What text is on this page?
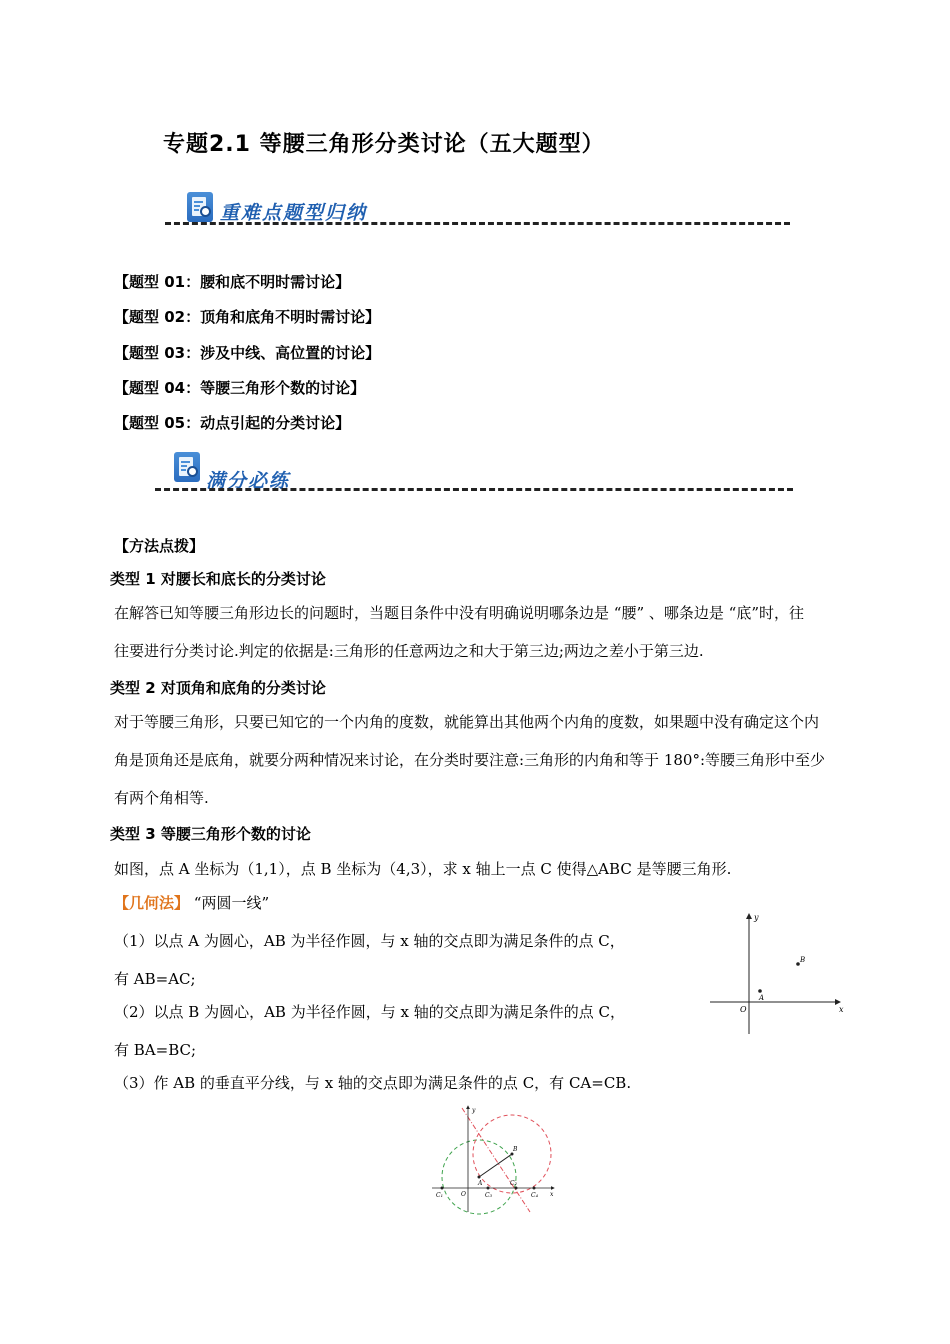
专题2.1 等腰三角形分类讨论（五大题型）
重难点题型归纳
【题型 01：腰和底不明时需讨论】
【题型 02：顶角和底角不明时需讨论】
【题型 03：涉及中线、高位置的讨论】
【题型 04：等腰三角形个数的讨论】
【题型 05：动点引起的分类讨论】
满分必练
【方法点拨】
类型 1 对腰长和底长的分类讨论
在解答已知等腰三角形边长的问题时，当题目条件中没有明确说明哪条边是 “腰” 、哪条边是 “底”时，往
往要进行分类讨论.判定的依据是:三角形的任意两边之和大于第三边;两边之差小于第三边.
类型 2 对顶角和底角的分类讨论
对于等腰三角形，只要已知它的一个内角的度数，就能算出其他两个内角的度数，如果题中没有确定这个内
角是顶角还是底角，就要分两种情况来讨论，在分类时要注意:三角形的内角和等于 180°:等腰三角形中至少
有两个角相等.
类型 3 等腰三角形个数的讨论
如图，点 A 坐标为（1,1），点 B 坐标为（4,3），求 x 轴上一点 C 使得△ABC 是等腰三角形.
【几何法】 “两圆一线”
（1）以点 A 为圆心，AB 为半径作圆，与 x 轴的交点即为满足条件的点 C，
有 AB=AC;
（2）以点 B 为圆心，AB 为半径作圆，与 x 轴的交点即为满足条件的点 C，
有 BA=BC;
（3）作 AB 的垂直平分线，与 x 轴的交点即为满足条件的点 C，有 CA=CB.
y
x
O
A
B
y
x
O
A
B
C₁
C₂
C₃	C₄
